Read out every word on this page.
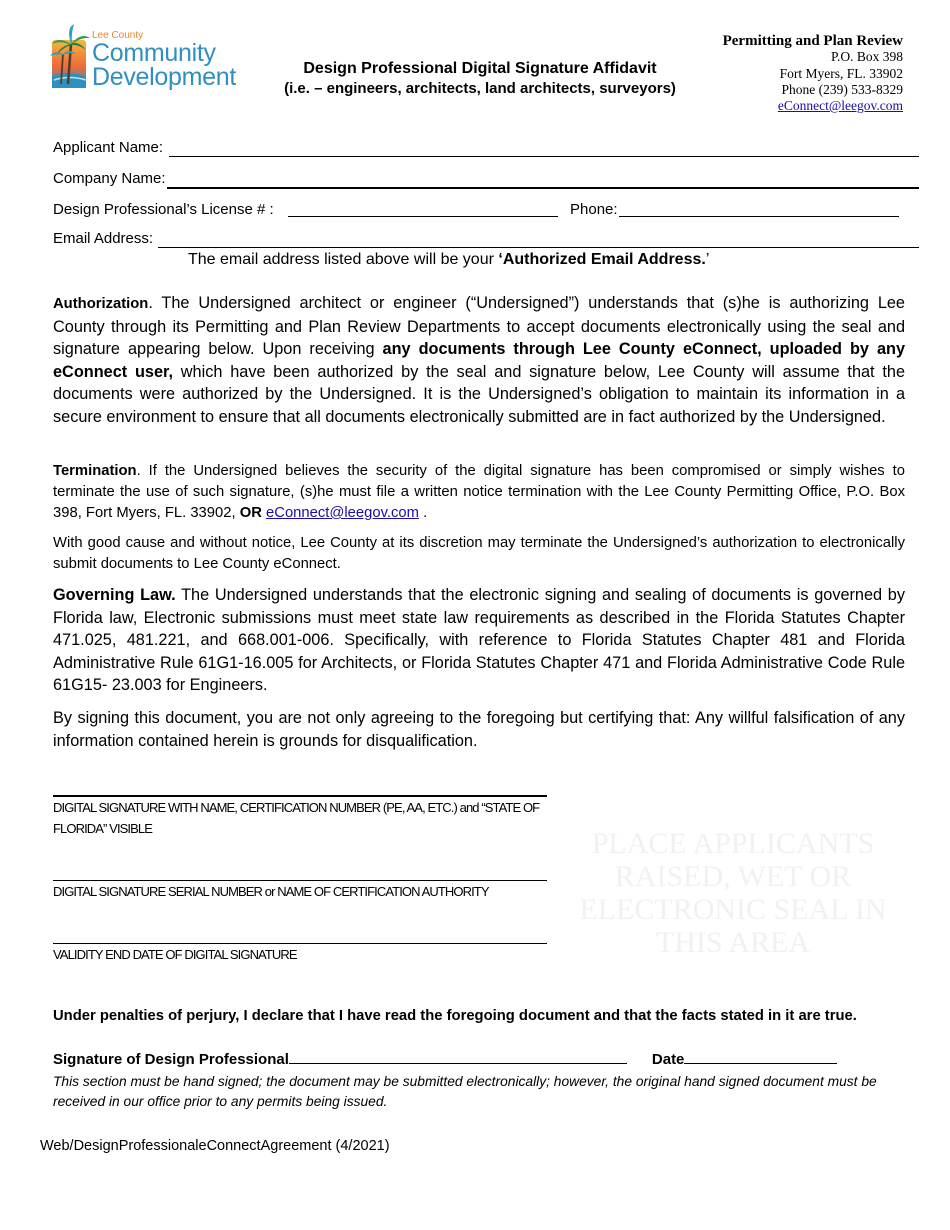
Lee County
Community
Development	Design Professional Digital Signature Affidavit
(i.e. – engineers, architects, land architects, surveyors)
Permitting and Plan Review
P.O. Box 398
Fort Myers, FL. 33902
Phone (239) 533-8329
eConnect@leegov.com
Applicant Name:
Company Name:
Design Professional’s License # :	Phone:
Email Address:
The email address listed above will be your ‘Authorized Email Address.’

Authorization. The Undersigned architect or engineer (“Undersigned”) understands that (s)he is authorizing Lee County through its Permitting and Plan Review Departments to accept documents electronically using the seal and signature appearing below. Upon receiving any documents through Lee County eConnect, uploaded by any eConnect user, which have been authorized by the seal and signature below, Lee County will assume that the documents were authorized by the Undersigned. It is the Undersigned’s obligation to maintain its information in a secure environment to ensure that all documents electronically submitted are in fact authorized by the Undersigned.

Termination. If the Undersigned believes the security of the digital signature has been compromised or simply wishes to terminate the use of such signature, (s)he must file a written notice termination with the Lee County Permitting Office, P.O. Box 398, Fort Myers, FL. 33902, OR eConnect@leegov.com .

With good cause and without notice, Lee County at its discretion may terminate the Undersigned’s authorization to electronically submit documents to Lee County eConnect.

Governing Law. The Undersigned understands that the electronic signing and sealing of documents is governed by Florida law, Electronic submissions must meet state law requirements as described in the Florida Statutes Chapter 471.025, 481.221, and 668.001-006. Specifically, with reference to Florida Statutes Chapter 481 and Florida Administrative Rule 61G1-16.005 for Architects, or Florida Statutes Chapter 471 and Florida Administrative Code Rule 61G15- 23.003 for Engineers.

By signing this document, you are not only agreeing to the foregoing but certifying that: Any willful falsification of any information contained herein is grounds for disqualification.

DIGITAL SIGNATURE WITH NAME, CERTIFICATION NUMBER (PE, AA, ETC.) and “STATE OF FLORIDA” VISIBLE
DIGITAL SIGNATURE SERIAL NUMBER or NAME OF CERTIFICATION AUTHORITY
VALIDITY END DATE OF DIGITAL SIGNATURE
PLACE APPLICANTS RAISED, WET OR ELECTRONIC SEAL IN THIS AREA
Under penalties of perjury, I declare that I have read the foregoing document and that the facts stated in it are true.
Signature of Design Professional	Date

This section must be hand signed; the document may be submitted electronically; however, the original hand signed document must be received in our office prior to any permits being issued.

Web/DesignProfessionaleConnectAgreement (4/2021)
